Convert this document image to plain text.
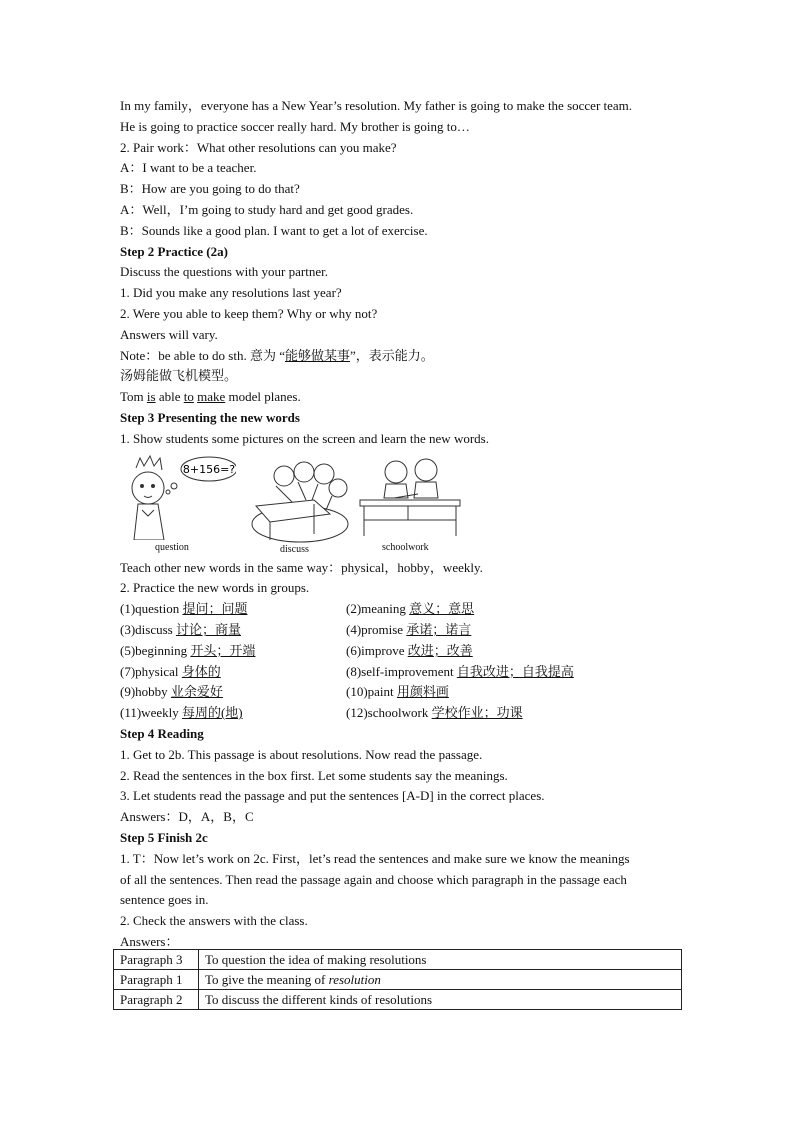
In my family，everyone has a New Year’s resolution. My father is going to make the soccer team.
He is going to practice soccer really hard. My brother is going to…
2. Pair work：What other resolutions can you make?
A：I want to be a teacher.
B：How are you going to do that?
A：Well，I’m going to study hard and get good grades.
B：Sounds like a good plan. I want to get a lot of exercise.
Step 2 Practice (2a)
Discuss the questions with your partner.
1. Did you make any resolutions last year?
2. Were you able to keep them? Why or why not?
Answers will vary.
Note：be able to do sth. 意为 “能够做某事”，表示能力。
汤姆能做飞机模型。
Tom is able to make model planes.
Step 3 Presenting the new words
1. Show students some pictures on the screen and learn the new words.
8+156=?
question	discuss	schoolwork
Teach other new words in the same way：physical，hobby，weekly.
2. Practice the new words in groups.
(1)question 提问；问题	(2)meaning 意义；意思
(3)discuss 讨论；商量	(4)promise 承诺；诺言
(5)beginning 开头；开端	(6)improve 改进；改善
(7)physical 身体的	(8)self-improvement 自我改进；自我提高
(9)hobby 业余爱好	(10)paint 用颜料画
(11)weekly 每周的(地)	(12)schoolwork 学校作业；功课
Step 4 Reading
1. Get to 2b. This passage is about resolutions. Now read the passage.
2. Read the sentences in the box first. Let some students say the meanings.
3. Let students read the passage and put the sentences [A-D] in the correct places.
Answers：D，A，B，C
Step 5 Finish 2c
1. T：Now let’s work on 2c. First，let’s read the sentences and make sure we know the meanings
of all the sentences. Then read the passage again and choose which paragraph in the passage each
sentence goes in.
2. Check the answers with the class.
Answers：
Paragraph 3	To question the idea of making resolutions
Paragraph 1	To give the meaning of resolution
Paragraph 2	To discuss the different kinds of resolutions
